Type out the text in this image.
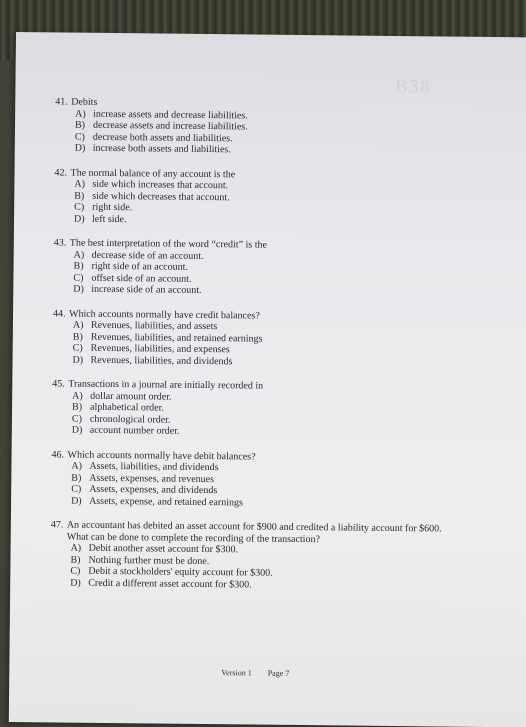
B38
41. Debits
A) increase assets and decrease liabilities.
B) decrease assets and increase liabilities.
C) decrease both assets and liabilities.
D) increase both assets and liabilities.
42. The normal balance of any account is the
A) side which increases that account.
B) side which decreases that account.
C) right side.
D) left side.
43. The best interpretation of the word “credit” is the
A) decrease side of an account.
B) right side of an account.
C) offset side of an account.
D) increase side of an account.
44. Which accounts normally have credit balances?
A) Revenues, liabilities, and assets
B) Revenues, liabilities, and retained earnings
C) Revenues, liabilities, and expenses
D) Revenues, liabilities, and dividends
45. Transactions in a journal are initially recorded in
A) dollar amount order.
B) alphabetical order.
C) chronological order.
D) account number order.
46. Which accounts normally have debit balances?
A) Assets, liabilities, and dividends
B) Assets, expenses, and revenues
C) Assets, expenses, and dividends
D) Assets, expense, and retained earnings
47. An accountant has debited an asset account for $900 and credited a liability account for $600. What can be done to complete the recording of the transaction?
A) Debit another asset account for $300.
B) Nothing further must be done.
C) Debit a stockholders' equity account for $300.
D) Credit a different asset account for $300.
Version 1 Page 7
